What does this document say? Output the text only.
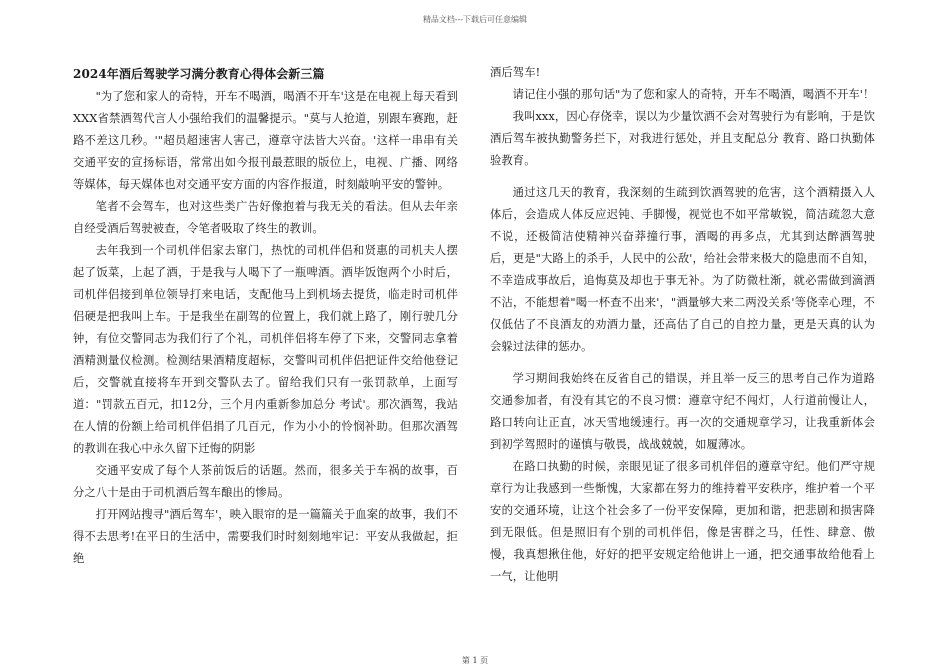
精品文档---下载后可任意编辑
2024年酒后驾驶学习满分教育心得体会新三篇

"为了您和家人的奇特，开车不喝酒，喝酒不开车'这是在电视上每天看到XXX省禁酒驾代言人小强给我们的温馨提示。"莫与人抢道，别跟车赛跑，赶路不差这几秒。'"超员超速害人害己，遵章守法皆大兴奋。'这样一串串有关交通平安的宣扬标语，常常出如今报刊最惹眼的版位上，电视、广播、网络等媒体，每天媒体也对交通平安方面的内容作报道，时刻敲响平安的警钟。

笔者不会驾车，也对这些类广告好像抱着与我无关的看法。但从去年亲自经受酒后驾驶被查，令笔者吸取了终生的教训。

去年我到一个司机伴侣家去窜门，热忱的司机伴侣和贤惠的司机夫人摆起了饭菜，上起了酒，于是我与人喝下了一瓶啤酒。酒毕饭饱两个小时后，司机伴侣接到单位领导打来电话，支配他马上到机场去提货，临走时司机伴侣硬是把我叫上车。于是我坐在副驾的位置上，我们就上路了，刚行驶几分钟，有位交警同志为我们行了个礼，司机伴侣将车停了下来，交警同志拿着酒精测量仪检测。检测结果酒精度超标，交警叫司机伴侣把证件交给他登记后，交警就直接将车开到交警队去了。留给我们只有一张罚款单，上面写道："罚款五百元，扣12分，三个月内重新参加总分 考试'。那次酒驾，我站在人情的份额上给司机伴侣捐了几百元，作为小小的怜悯补助。但那次酒驾的教训在我心中永久留下迁悔的阴影

交通平安成了每个人茶前饭后的话题。然而，很多关于车祸的故事，百分之八十是由于司机酒后驾车酿出的惨局。

打开网站搜寻"酒后驾车'，映入眼帘的是一篇篇关于血案的故事，我们不得不去思考!在平日的生活中，需要我们时时刻刻地牢记：平安从我做起，拒绝

酒后驾车!

请记住小强的那句话"为了您和家人的奇特，开车不喝酒，喝酒不开车'！

我叫xxx，因心存侥幸，误以为少量饮酒不会对驾驶行为有影响，于是饮酒后驾车被执勤警务拦下，对我进行惩处，并且支配总分 教育、路口执勤体验教育。

通过这几天的教育，我深刻的生疏到饮酒驾驶的危害，这个酒精摄入人体后，会造成人体反应迟钝、手脚慢，视觉也不如平常敏锐，简洁疏忽大意不说，还极简洁使精神兴奋莽撞行事，酒喝的再多点，尤其到达醉酒驾驶后，更是"大路上的杀手，人民中的公敌'，给社会带来极大的隐患而不自知，不幸造成事故后，追悔莫及却也于事无补。为了防微杜渐，就必需做到滴酒不沾，不能想着"喝一杯查不出来'，"酒量够大来二两没关系'等侥幸心理，不仅低估了不良酒友的劝酒力量，还高估了自己的自控力量，更是天真的认为会躲过法律的惩办。

学习期间我始终在反省自己的错误，并且举一反三的思考自己作为道路交通参加者，有没有其它的不良习惯：遵章守纪不闯灯，人行道前慢让人，路口转向让正直，冰天雪地缓速行。再一次的交通规章学习，让我重新体会到初学驾照时的谨慎与敬畏，战战兢兢，如履薄冰。

在路口执勤的时候，亲眼见证了很多司机伴侣的遵章守纪。他们严守规章行为让我感到一些惭愧，大家都在努力的维持着平安秩序，维护着一个平安的交通环境，让这个社会多了一份平安保障，更加和谐，把悲剧和损害降到无限低。但是照旧有个别的司机伴侣，像是害群之马，任性、肆意、傲慢，我真想揪住他，好好的把平安规定给他讲上一通，把交通事故给他看上一气，让他明

第 1 页
